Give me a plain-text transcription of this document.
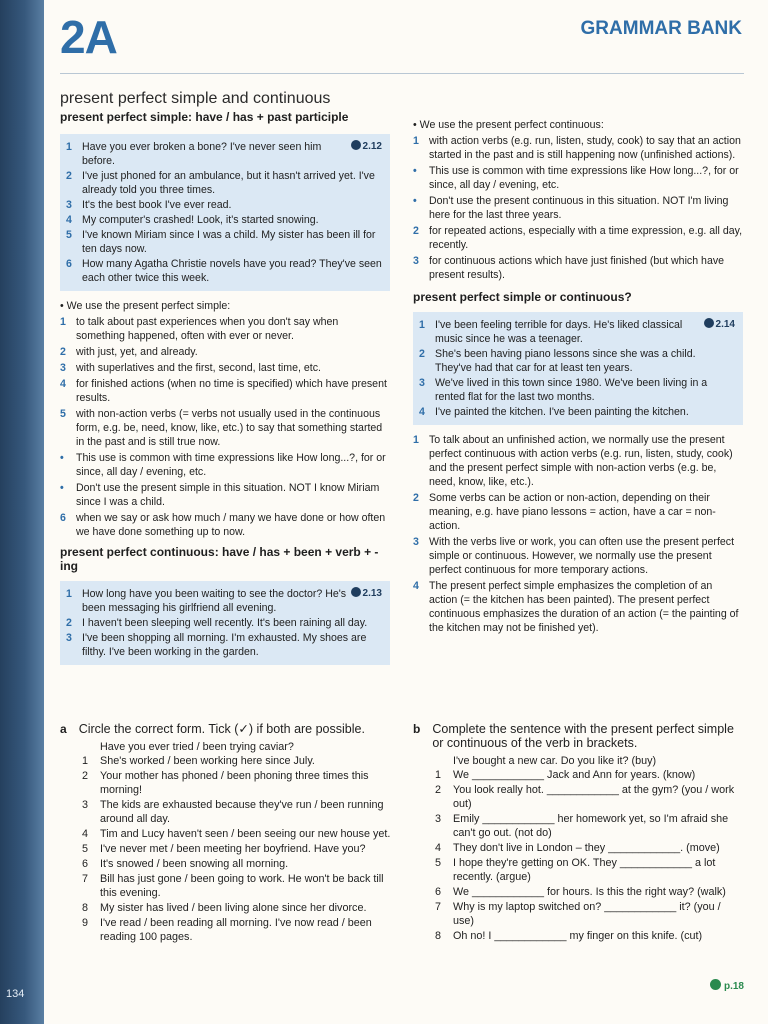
134
2A	GRAMMAR BANK
present perfect simple and continuous
present perfect simple: have / has + past participle
2.12
1 Have you ever broken a bone? I've never seen him before.
2 I've just phoned for an ambulance, but it hasn't arrived yet. I've already told you three times.
3 It's the best book I've ever read.
4 My computer's crashed! Look, it's started snowing.
5 I've known Miriam since I was a child. My sister has been ill for ten days now.
6 How many Agatha Christie novels have you read? They've seen each other twice this week.
• We use the present perfect simple:
1 to talk about past experiences when you don't say when something happened, often with ever or never.
2 with just, yet, and already.
3 with superlatives and the first, second, last time, etc.
4 for finished actions (when no time is specified) which have present results.
5 with non-action verbs (= verbs not usually used in the continuous form, e.g. be, need, know, like, etc.) to say that something started in the past and is still true now.
•	This use is common with time expressions like How long...?, for or since, all day / evening, etc.
•	Don't use the present simple in this situation. NOT I know Miriam since I was a child.
6 when we say or ask how much / many we have done or how often we have done something up to now.
present perfect continuous: have / has + been + verb + -ing
2.13
1 How long have you been waiting to see the doctor? He's been messaging his girlfriend all evening.
2 I haven't been sleeping well recently. It's been raining all day.
3 I've been shopping all morning. I'm exhausted. My shoes are filthy. I've been working in the garden.
• We use the present perfect continuous:
1 with action verbs (e.g. run, listen, study, cook) to say that an action started in the past and is still happening now (unfinished actions).
•	This use is common with time expressions like How long...?, for or since, all day / evening, etc.
•	Don't use the present continuous in this situation. NOT I'm living here for the last three years.
2 for repeated actions, especially with a time expression, e.g. all day, recently.
3 for continuous actions which have just finished (but which have present results).
present perfect simple or continuous?
2.14
1 I've been feeling terrible for days. He's liked classical music since he was a teenager.
2 She's been having piano lessons since she was a child. They've had that car for at least ten years.
3 We've lived in this town since 1980. We've been living in a rented flat for the last two months.
4 I've painted the kitchen. I've been painting the kitchen.
1 To talk about an unfinished action, we normally use the present perfect continuous with action verbs (e.g. run, listen, study, cook) and the present perfect simple with non-action verbs (e.g. be, need, know, like, etc.).
2 Some verbs can be action or non-action, depending on their meaning, e.g. have piano lessons = action, have a car = non-action.
3 With the verbs live or work, you can often use the present perfect simple or continuous. However, we normally use the present perfect continuous for more temporary actions.
4 The present perfect simple emphasizes the completion of an action (= the kitchen has been painted). The present perfect continuous emphasizes the duration of an action (= the painting of the kitchen may not be finished yet).
a Circle the correct form. Tick (✓) if both are possible.
Have you ever tried / been trying caviar?
1	She's worked / been working here since July.
2	Your mother has phoned / been phoning three times this morning!
3	The kids are exhausted because they've run / been running around all day.
4	Tim and Lucy haven't seen / been seeing our new house yet.
5	I've never met / been meeting her boyfriend. Have you?
6	It's snowed / been snowing all morning.
7	Bill has just gone / been going to work. He won't be back till this evening.
8	My sister has lived / been living alone since her divorce.
9	I've read / been reading all morning. I've now read / been reading 100 pages.
b Complete the sentence with the present perfect simple or continuous of the verb in brackets.
I've bought a new car. Do you like it? (buy)
1	We ____________ Jack and Ann for years. (know)
2	You look really hot. ____________ at the gym? (you / work out)
3	Emily ____________ her homework yet, so I'm afraid she can't go out. (not do)
4	They don't live in London – they ____________. (move)
5	I hope they're getting on OK. They ____________ a lot recently. (argue)
6	We ____________ for hours. Is this the right way? (walk)
7	Why is my laptop switched on? ____________ it? (you / use)
8	Oh no! I ____________ my finger on this knife. (cut)
p.18
